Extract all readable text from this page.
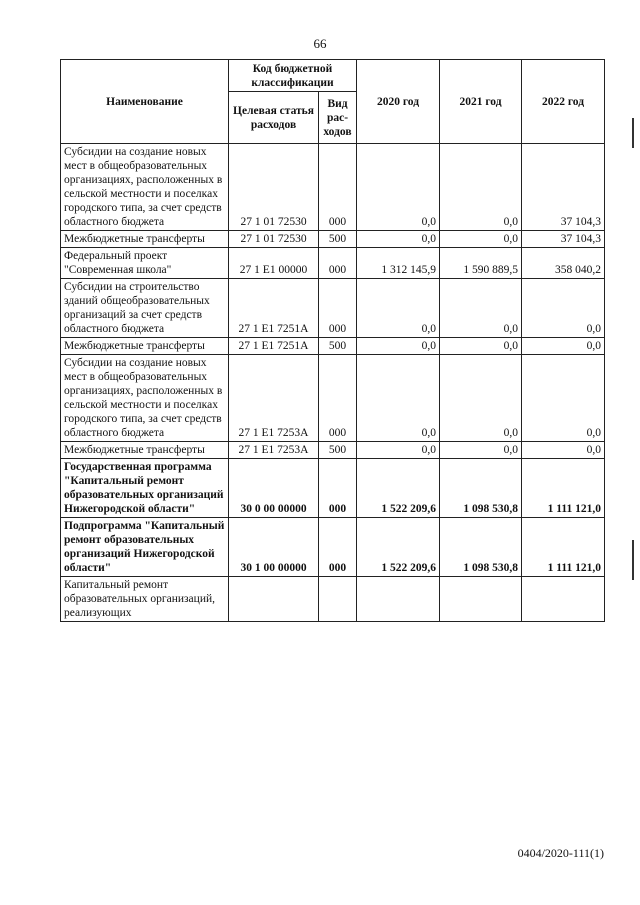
66
Наименование	Код бюджетной классификации		2020 год	2021 год	2022 год
	Целевая статья расходов	Вид рас-ходов			
Субсидии на создание новых мест в общеобразовательных организациях, расположенных в сельской местности и поселках городского типа, за счет средств областного бюджета	27 1 01 72530	000	0,0	0,0	37 104,3
Межбюджетные трансферты	27 1 01 72530	500	0,0	0,0	37 104,3
Федеральный проект "Современная школа"	27 1 E1 00000	000	1 312 145,9	1 590 889,5	358 040,2
Субсидии на строительство зданий общеобразовательных организаций за счет средств областного бюджета	27 1 E1 7251A	000	0,0	0,0	0,0
Межбюджетные трансферты	27 1 E1 7251A	500	0,0	0,0	0,0
Субсидии на создание новых мест в общеобразовательных организациях, расположенных в сельской местности и поселках городского типа, за счет средств областного бюджета	27 1 E1 7253A	000	0,0	0,0	0,0
Межбюджетные трансферты	27 1 E1 7253A	500	0,0	0,0	0,0
Государственная программа "Капитальный ремонт образовательных организаций Нижегородской области"	30 0 00 00000	000	1 522 209,6	1 098 530,8	1 111 121,0
Подпрограмма "Капитальный ремонт образовательных организаций Нижегородской области"	30 1 00 00000	000	1 522 209,6	1 098 530,8	1 111 121,0
Капитальный ремонт образовательных организаций, реализующих					
0404/2020-111(1)
